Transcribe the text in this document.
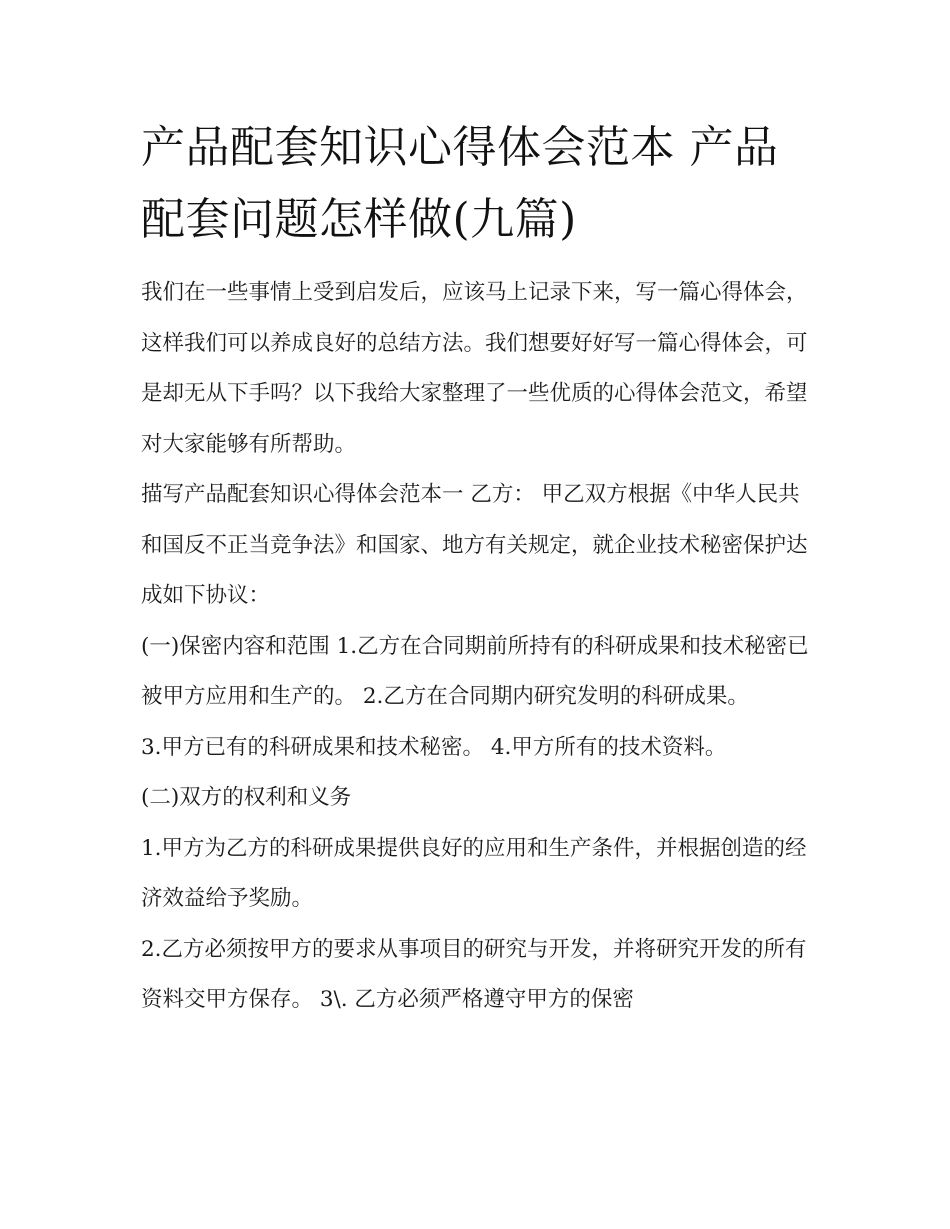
产品配套知识心得体会范本 产品配套问题怎样做(九篇)

我们在一些事情上受到启发后，应该马上记录下来，写一篇心得体会，这样我们可以养成良好的总结方法。我们想要好好写一篇心得体会，可是却无从下手吗？以下我给大家整理了一些优质的心得体会范文，希望对大家能够有所帮助。

描写产品配套知识心得体会范本一 乙方： 甲乙双方根据《中华人民共和国反不正当竞争法》和国家、地方有关规定，就企业技术秘密保护达成如下协议：

(一)保密内容和范围 1.乙方在合同期前所持有的科研成果和技术秘密已被甲方应用和生产的。 2.乙方在合同期内研究发明的科研成果。

3.甲方已有的科研成果和技术秘密。 4.甲方所有的技术资料。

(二)双方的权利和义务

1.甲方为乙方的科研成果提供良好的应用和生产条件，并根据创造的经济效益给予奖励。

2.乙方必须按甲方的要求从事项目的研究与开发，并将研究开发的所有资料交甲方保存。 3\. 乙方必须严格遵守甲方的保密
